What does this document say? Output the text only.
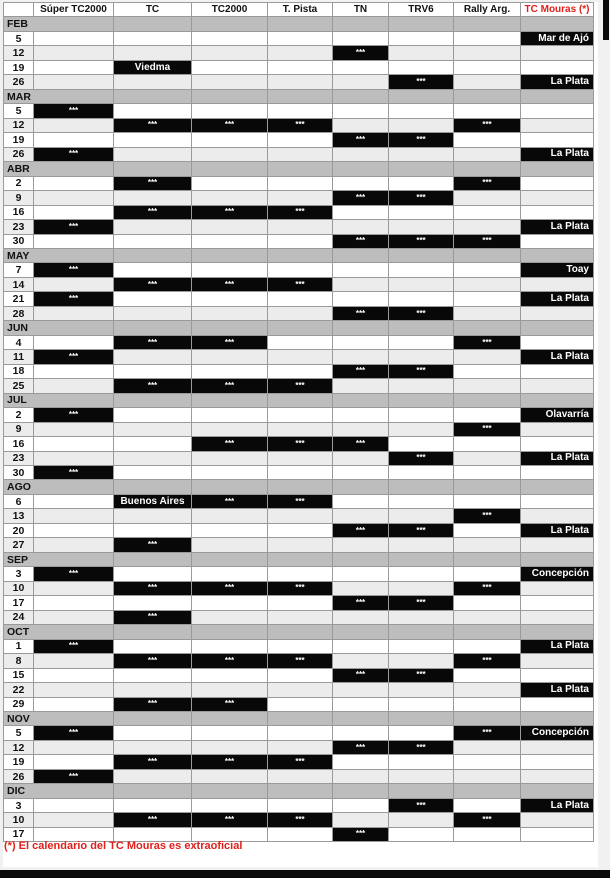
	Súper TC2000	TC	TC2000	T. Pista	TN	TRV6	Rally Arg.	TC Mouras (*)
FEB								
5								Mar de Ajó
12					***			
19		Viedma						
26						***		La Plata
MAR								
5	***							
12		***	***	***			***	
19					***	***		
26	***							La Plata
ABR								
2		***					***	
9					***	***		
16		***	***	***				
23	***							La Plata
30					***	***	***	
MAY								
7	***							Toay
14		***	***	***				
21	***							La Plata
28					***	***		
JUN								
4		***	***				***	
11	***							La Plata
18					***	***		
25		***	***	***				
JUL								
2	***							Olavarría
9							***	
16			***	***	***			
23						***		La Plata
30	***							
AGO								
6		Buenos Aires	***	***				
13							***	
20					***	***		La Plata
27		***						
SEP								
3	***							Concepción
10		***	***	***			***	
17					***	***		
24		***						
OCT								
1	***							La Plata
8		***	***	***			***	
15					***	***		
22								La Plata
29		***	***					
NOV								
5	***						***	Concepción
12					***	***		
19		***	***	***				
26	***							
DIC								
3						***		La Plata
10		***	***	***			***	
17					***			
(*) El calendario del TC Mouras es extraoficial
